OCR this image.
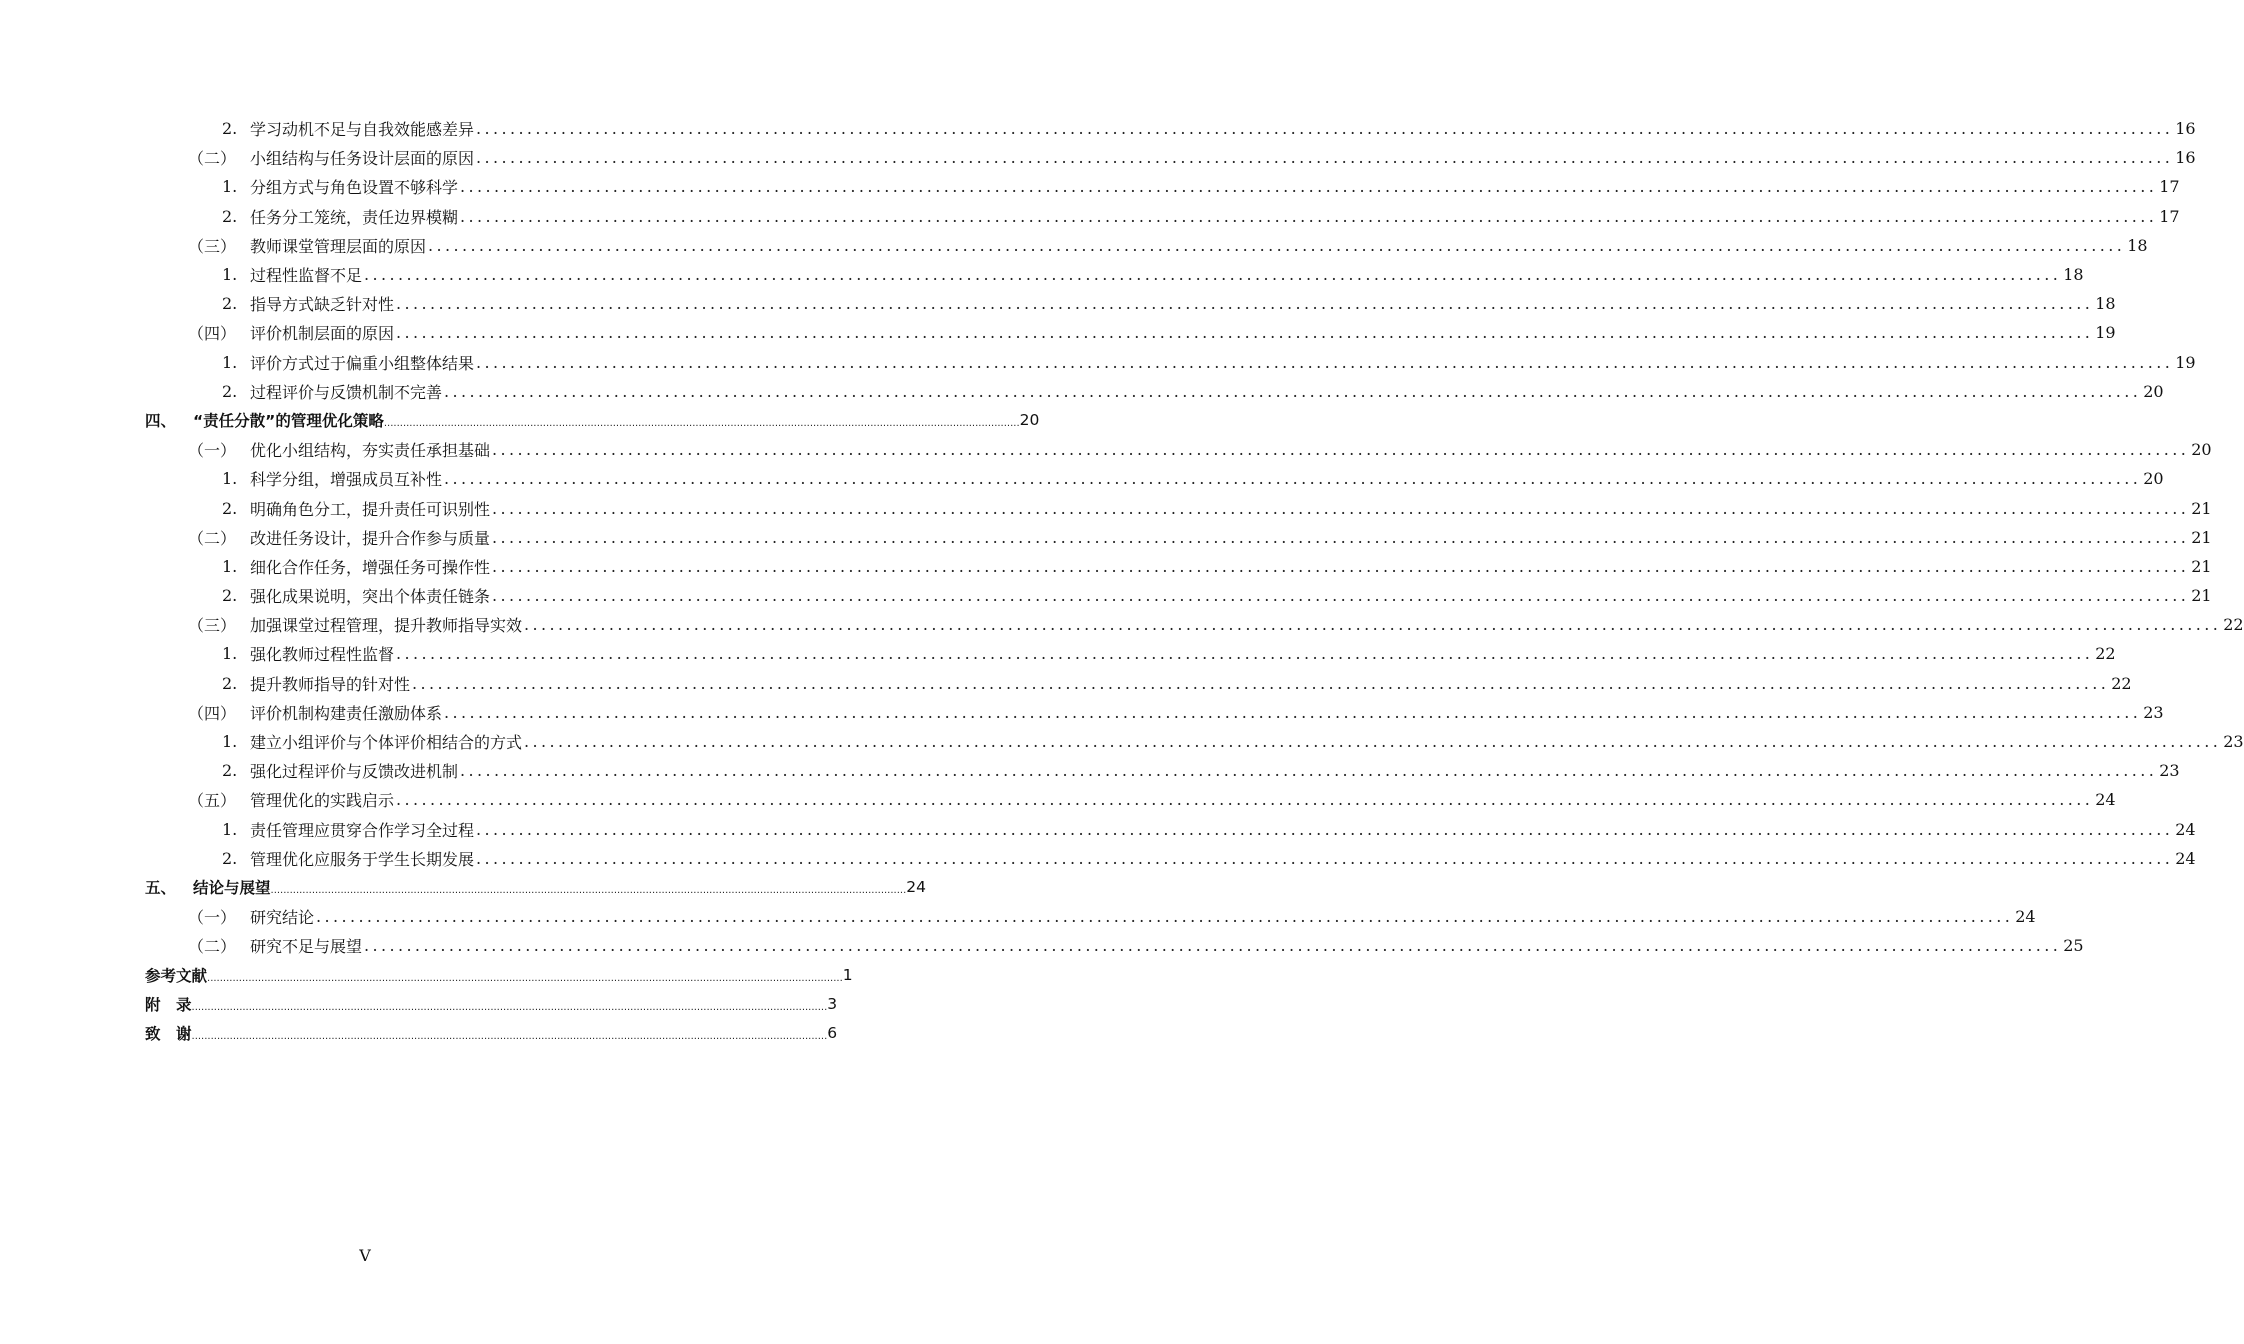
2. 学习动机不足与自我效能感差异 ........................................................................................................................................................................................................ 16
（二） 小组结构与任务设计层面的原因 ........................................................................................................................................................................................................ 16
1. 分组方式与角色设置不够科学 ........................................................................................................................................................................................................ 17
2. 任务分工笼统，责任边界模糊 ........................................................................................................................................................................................................ 17
（三） 教师课堂管理层面的原因 ........................................................................................................................................................................................................ 18
1. 过程性监督不足 ........................................................................................................................................................................................................ 18
2. 指导方式缺乏针对性 ........................................................................................................................................................................................................ 18
（四） 评价机制层面的原因 ........................................................................................................................................................................................................ 19
1. 评价方式过于偏重小组整体结果 ........................................................................................................................................................................................................ 19
2. 过程评价与反馈机制不完善 ........................................................................................................................................................................................................ 20
四、	“责任分散”的管理优化策略 ........................................................................................................................................................................................................ 20
（一） 优化小组结构，夯实责任承担基础 ........................................................................................................................................................................................................ 20
1. 科学分组，增强成员互补性 ........................................................................................................................................................................................................ 20
2. 明确角色分工，提升责任可识别性 ........................................................................................................................................................................................................ 21
（二） 改进任务设计，提升合作参与质量 ........................................................................................................................................................................................................ 21
1. 细化合作任务，增强任务可操作性 ........................................................................................................................................................................................................ 21
2. 强化成果说明，突出个体责任链条 ........................................................................................................................................................................................................ 21
（三） 加强课堂过程管理，提升教师指导实效 ........................................................................................................................................................................................................ 22
1. 强化教师过程性监督 ........................................................................................................................................................................................................ 22
2. 提升教师指导的针对性 ........................................................................................................................................................................................................ 22
（四） 评价机制构建责任激励体系 ........................................................................................................................................................................................................ 23
1. 建立小组评价与个体评价相结合的方式 ........................................................................................................................................................................................................ 23
2. 强化过程评价与反馈改进机制 ........................................................................................................................................................................................................ 23
（五） 管理优化的实践启示 ........................................................................................................................................................................................................ 24
1. 责任管理应贯穿合作学习全过程 ........................................................................................................................................................................................................ 24
2. 管理优化应服务于学生长期发展 ........................................................................................................................................................................................................ 24
五、	结论与展望 ........................................................................................................................................................................................................ 24
（一） 研究结论 ........................................................................................................................................................................................................ 24
（二） 研究不足与展望 ........................................................................................................................................................................................................ 25
参考文献 ........................................................................................................................................................................................................ 1
附　录 ........................................................................................................................................................................................................ 3
致　谢 ........................................................................................................................................................................................................ 6
V
